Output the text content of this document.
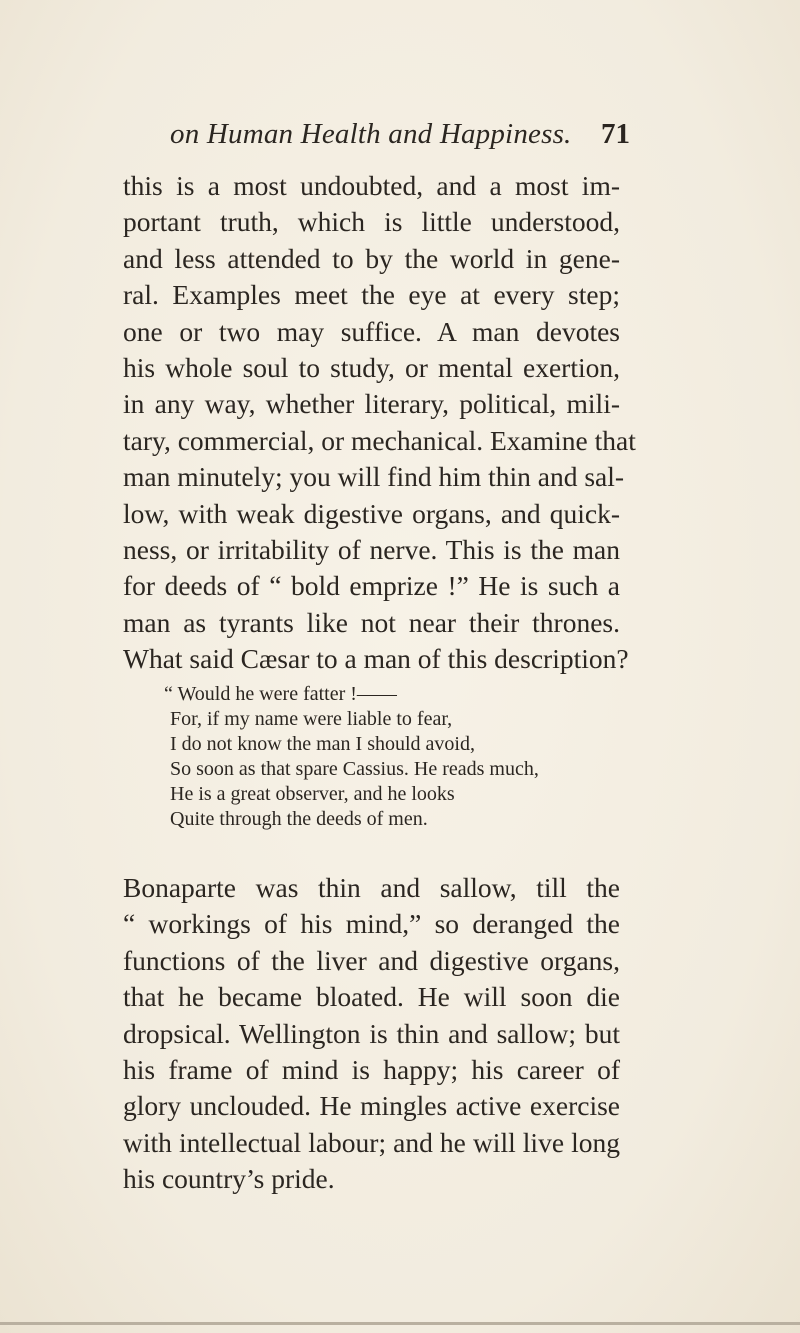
on Human Health and Happiness. 71
this is a most undoubted, and a most im-
portant truth, which is little understood,
and less attended to by the world in gene-
ral. Examples meet the eye at every step;
one or two may suffice. A man devotes
his whole soul to study, or mental exertion,
in any way, whether literary, political, mili-
tary, commercial, or mechanical. Examine that
man minutely; you will find him thin and sal-
low, with weak digestive organs, and quick-
ness, or irritability of nerve. This is the man
for deeds of “ bold emprize !” He is such a
man as tyrants like not near their thrones.
What said Cæsar to a man of this description?
“ Would he were fatter !——
For, if my name were liable to fear,
I do not know the man I should avoid,
So soon as that spare Cassius. He reads much,
He is a great observer, and he looks
Quite through the deeds of men.
Bonaparte was thin and sallow, till the
“ workings of his mind,” so deranged the
functions of the liver and digestive organs,
that he became bloated. He will soon die
dropsical. Wellington is thin and sallow; but
his frame of mind is happy; his career of
glory unclouded. He mingles active exercise
with intellectual labour; and he will live long
his country’s pride.
